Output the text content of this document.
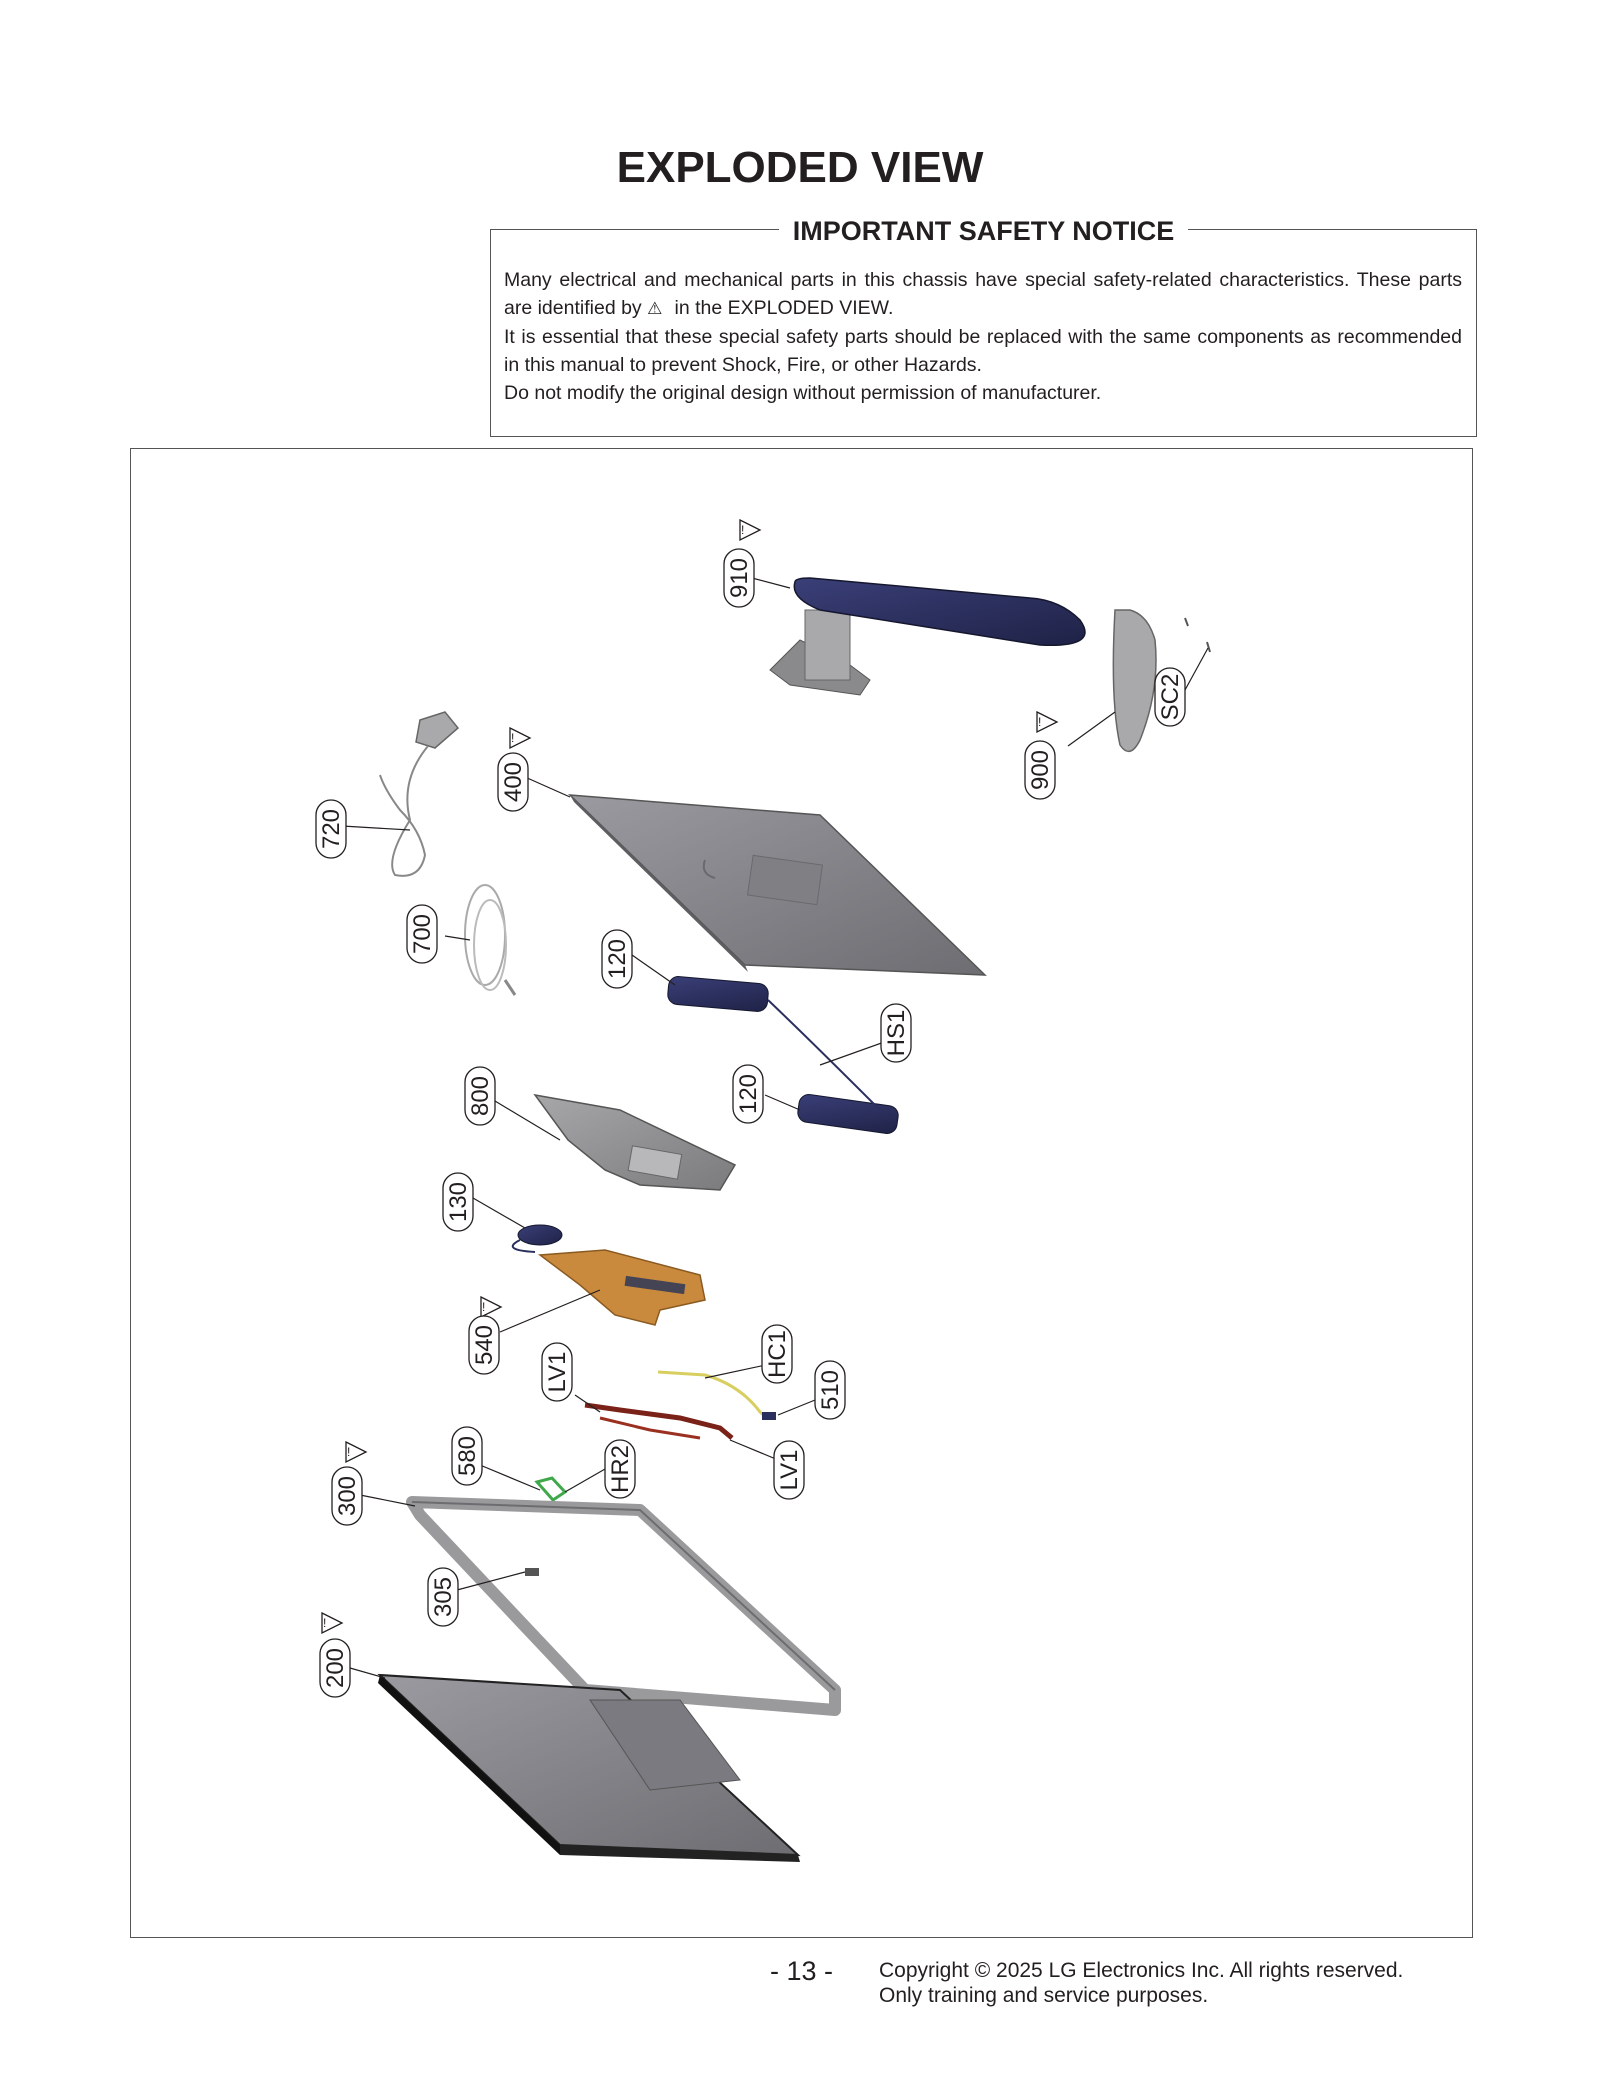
EXPLODED VIEW
IMPORTANT SAFETY NOTICE
Many electrical and mechanical parts in this chassis have special safety-related characteristics. These parts are identified by ⚠ in the EXPLODED VIEW.
It is essential that these special safety parts should be replaced with the same components as recommended in this manual to prevent Shock, Fire, or other Hazards.
Do not modify the original design without permission of manufacturer.
!
!
!
!
!
!
910
900
SC2
400
720
700
120
HS1
120
800
130
540
LV1	HC1
510
580	HR2	LV1
300
305
200
- 13 - Copyright © 2025 LG Electronics Inc. All rights reserved.
Only training and service purposes.
